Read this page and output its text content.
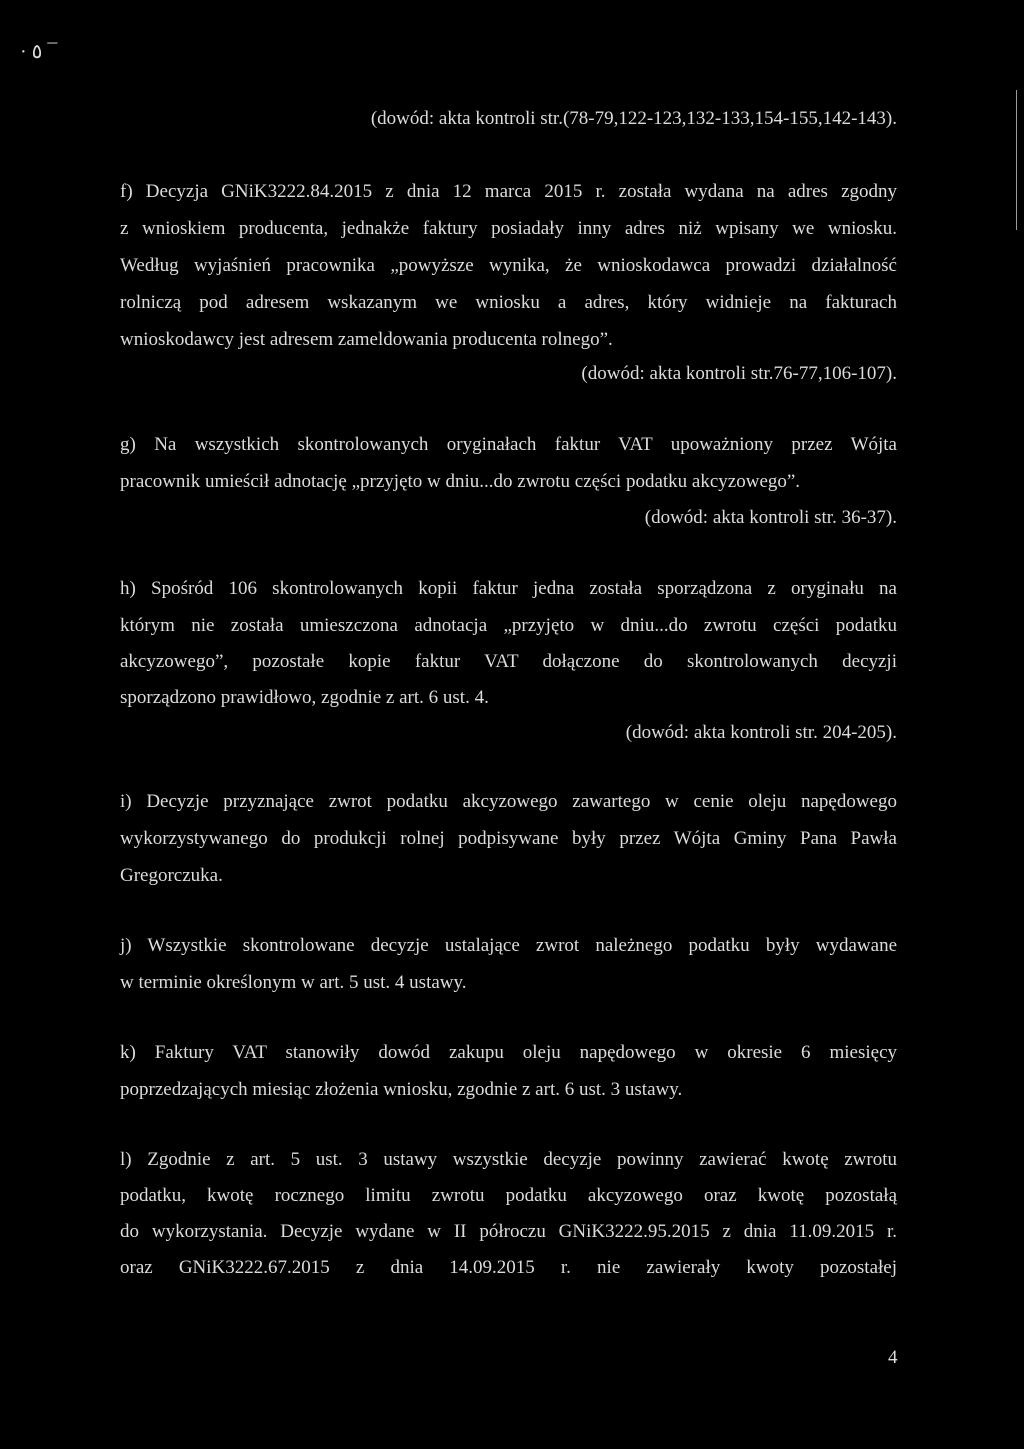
· ٥ ¯
(dowód: akta kontroli str.(78-79,122-123,132-133,154-155,142-143).
f) Decyzja GNiK3222.84.2015 z dnia 12 marca 2015 r. została wydana na adres zgodny
z wnioskiem producenta, jednakże faktury posiadały inny adres niż wpisany we wniosku.
Według wyjaśnień pracownika „powyższe wynika, że wnioskodawca prowadzi działalność
rolniczą pod adresem wskazanym we wniosku a adres, który widnieje na fakturach
wnioskodawcy jest adresem zameldowania producenta rolnego”.
(dowód: akta kontroli str.76-77,106-107).
g) Na wszystkich skontrolowanych oryginałach faktur VAT upoważniony przez Wójta
pracownik umieścił adnotację „przyjęto w dniu...do zwrotu części podatku akcyzowego”.
(dowód: akta kontroli str. 36-37).
h) Spośród 106 skontrolowanych kopii faktur jedna została sporządzona z oryginału na
którym nie została umieszczona adnotacja „przyjęto w dniu...do zwrotu części podatku
akcyzowego”, pozostałe kopie faktur VAT dołączone do skontrolowanych decyzji
sporządzono prawidłowo, zgodnie z art. 6 ust. 4.
(dowód: akta kontroli str. 204-205).
i) Decyzje przyznające zwrot podatku akcyzowego zawartego w cenie oleju napędowego
wykorzystywanego do produkcji rolnej podpisywane były przez Wójta Gminy Pana Pawła
Gregorczuka.
j) Wszystkie skontrolowane decyzje ustalające zwrot należnego podatku były wydawane
w terminie określonym w art. 5 ust. 4 ustawy.
k) Faktury VAT stanowiły dowód zakupu oleju napędowego w okresie 6 miesięcy
poprzedzających miesiąc złożenia wniosku, zgodnie z art. 6 ust. 3 ustawy.
l) Zgodnie z art. 5 ust. 3 ustawy wszystkie decyzje powinny zawierać kwotę zwrotu
podatku, kwotę rocznego limitu zwrotu podatku akcyzowego oraz kwotę pozostałą
do wykorzystania. Decyzje wydane w II półroczu GNiK3222.95.2015 z dnia 11.09.2015 r.
oraz GNiK3222.67.2015 z dnia 14.09.2015 r. nie zawierały kwoty pozostałej
4
